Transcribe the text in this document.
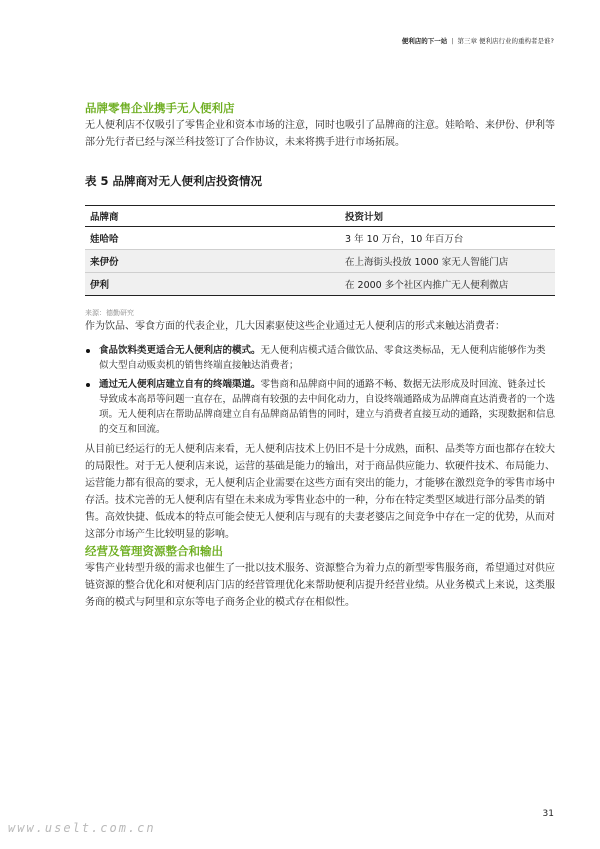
便利店的下一站 | 第三章 便利店行业的重构者是谁?
品牌零售企业携手无人便利店

无人便利店不仅吸引了零售企业和资本市场的注意，同时也吸引了品牌商的注意。娃哈哈、来伊份、伊利等部分先行者已经与深兰科技签订了合作协议，未来将携手进行市场拓展。

表 5 品牌商对无人便利店投资情况
品牌商	投资计划
娃哈哈	3 年 10 万台，10 年百万台
来伊份	在上海街头投放 1000 家无人智能门店
伊利	在 2000 多个社区内推广无人便利微店
来源：德勤研究

作为饮品、零食方面的代表企业，几大因素驱使这些企业通过无人便利店的形式来触达消费者：

食品饮料类更适合无人便利店的模式。无人便利店模式适合做饮品、零食这类标品，无人便利店能够作为类似大型自动贩卖机的销售终端直接触达消费者；
通过无人便利店建立自有的终端渠道。零售商和品牌商中间的通路不畅、数据无法形成及时回流、链条过长导致成本高昂等问题一直存在，品牌商有较强的去中间化动力，自设终端通路成为品牌商直达消费者的一个选项。无人便利店在帮助品牌商建立自有品牌商品销售的同时，建立与消费者直接互动的通路，实现数据和信息的交互和回流。

从目前已经运行的无人便利店来看，无人便利店技术上仍旧不是十分成熟，面积、品类等方面也都存在较大的局限性。对于无人便利店来说，运营的基础是能力的输出，对于商品供应能力、软硬件技术、布局能力、运营能力都有很高的要求，无人便利店企业需要在这些方面有突出的能力，才能够在激烈竞争的零售市场中存活。技术完善的无人便利店有望在未来成为零售业态中的一种，分布在特定类型区域进行部分品类的销售。高效快捷、低成本的特点可能会使无人便利店与现有的夫妻老婆店之间竞争中存在一定的优势，从而对这部分市场产生比较明显的影响。

经营及管理资源整合和输出

零售产业转型升级的需求也催生了一批以技术服务、资源整合为着力点的新型零售服务商，希望通过对供应链资源的整合优化和对便利店门店的经营管理优化来帮助便利店提升经营业绩。从业务模式上来说，这类服务商的模式与阿里和京东等电子商务企业的模式存在相似性。

31
www.uselt.com.cn
